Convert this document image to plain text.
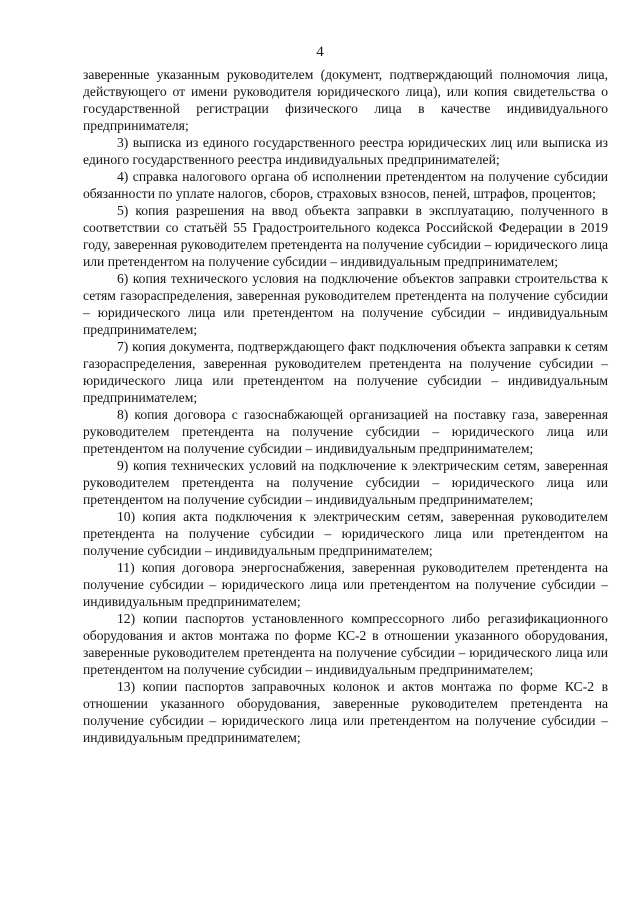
4

заверенные указанным руководителем (документ, подтверждающий полномочия лица, действующего от имени руководителя юридического лица), или копия свидетельства о государственной регистрации физического лица в качестве индивидуального предпринимателя;

3) выписка из единого государственного реестра юридических лиц или выписка из единого государственного реестра индивидуальных предпринимателей;

4) справка налогового органа об исполнении претендентом на получение субсидии обязанности по уплате налогов, сборов, страховых взносов, пеней, штрафов, процентов;

5) копия разрешения на ввод объекта заправки в эксплуатацию, полученного в соответствии со статьёй 55 Градостроительного кодекса Российской Федерации в 2019 году, заверенная руководителем претендента на получение субсидии – юридического лица или претендентом на получение субсидии – индивидуальным предпринимателем;

6) копия технического условия на подключение объектов заправки строительства к сетям газораспределения, заверенная руководителем претендента на получение субсидии – юридического лица или претендентом на получение субсидии – индивидуальным предпринимателем;

7) копия документа, подтверждающего факт подключения объекта заправки к сетям газораспределения, заверенная руководителем претендента на получение субсидии – юридического лица или претендентом на получение субсидии – индивидуальным предпринимателем;

8) копия договора с газоснабжающей организацией на поставку газа, заверенная руководителем претендента на получение субсидии – юридического лица или претендентом на получение субсидии – индивидуальным предпринимателем;

9) копия технических условий на подключение к электрическим сетям, заверенная руководителем претендента на получение субсидии – юридического лица или претендентом на получение субсидии – индивидуальным предпринимателем;

10) копия акта подключения к электрическим сетям, заверенная руководителем претендента на получение субсидии – юридического лица или претендентом на получение субсидии – индивидуальным предпринимателем;

11) копия договора энергоснабжения, заверенная руководителем претендента на получение субсидии – юридического лица или претендентом на получение субсидии – индивидуальным предпринимателем;

12) копии паспортов установленного компрессорного либо регазификационного оборудования и актов монтажа по форме КС-2 в отношении указанного оборудования, заверенные руководителем претендента на получение субсидии – юридического лица или претендентом на получение субсидии – индивидуальным предпринимателем;

13) копии паспортов заправочных колонок и актов монтажа по форме КС-2 в отношении указанного оборудования, заверенные руководителем претендента на получение субсидии – юридического лица или претендентом на получение субсидии – индивидуальным предпринимателем;
